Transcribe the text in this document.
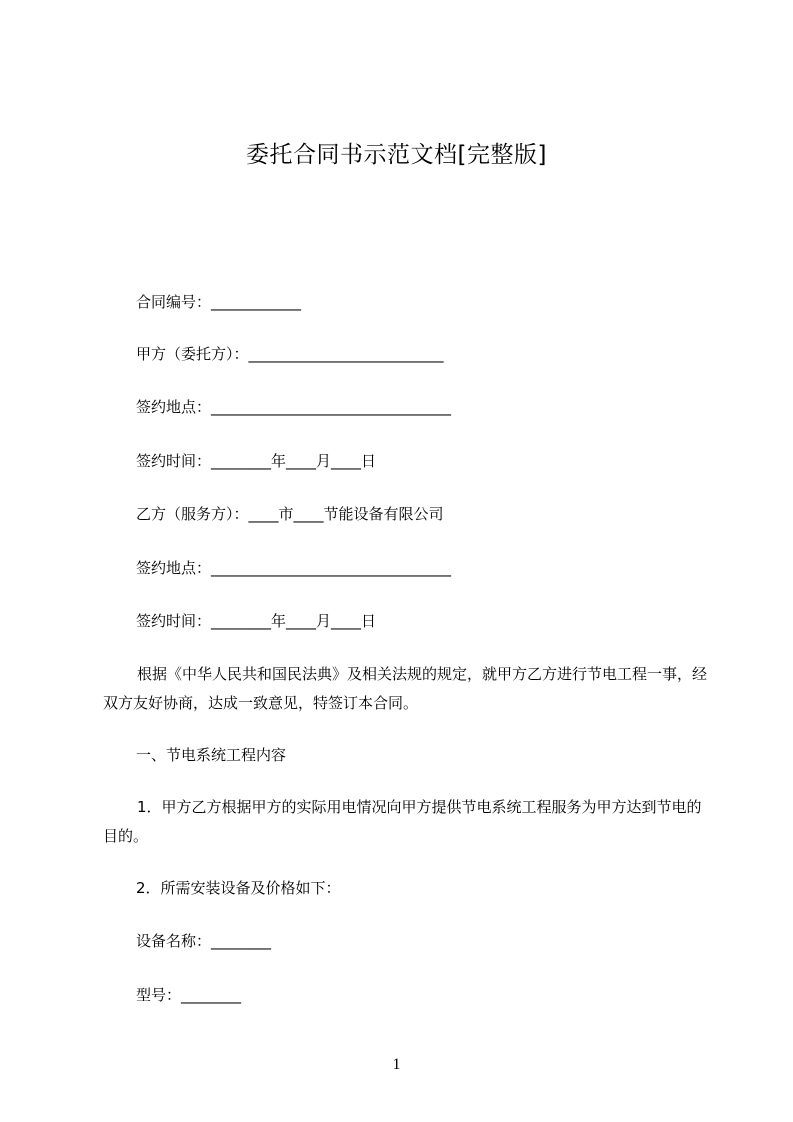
委托合同书示范文档[完整版]
合同编号：____________
甲方（委托方）：__________________________
签约地点：________________________________
签约时间：________年____月____日
乙方（服务方）：____市____节能设备有限公司
签约地点：________________________________
签约时间：________年____月____日
根据《中华人民共和国民法典》及相关法规的规定，就甲方乙方进行节电工程一事，经双方友好协商，达成一致意见，特签订本合同。
一、节电系统工程内容
1．甲方乙方根据甲方的实际用电情况向甲方提供节电系统工程服务为甲方达到节电的目的。
2．所需安装设备及价格如下：
设备名称：________
型号：________
1
